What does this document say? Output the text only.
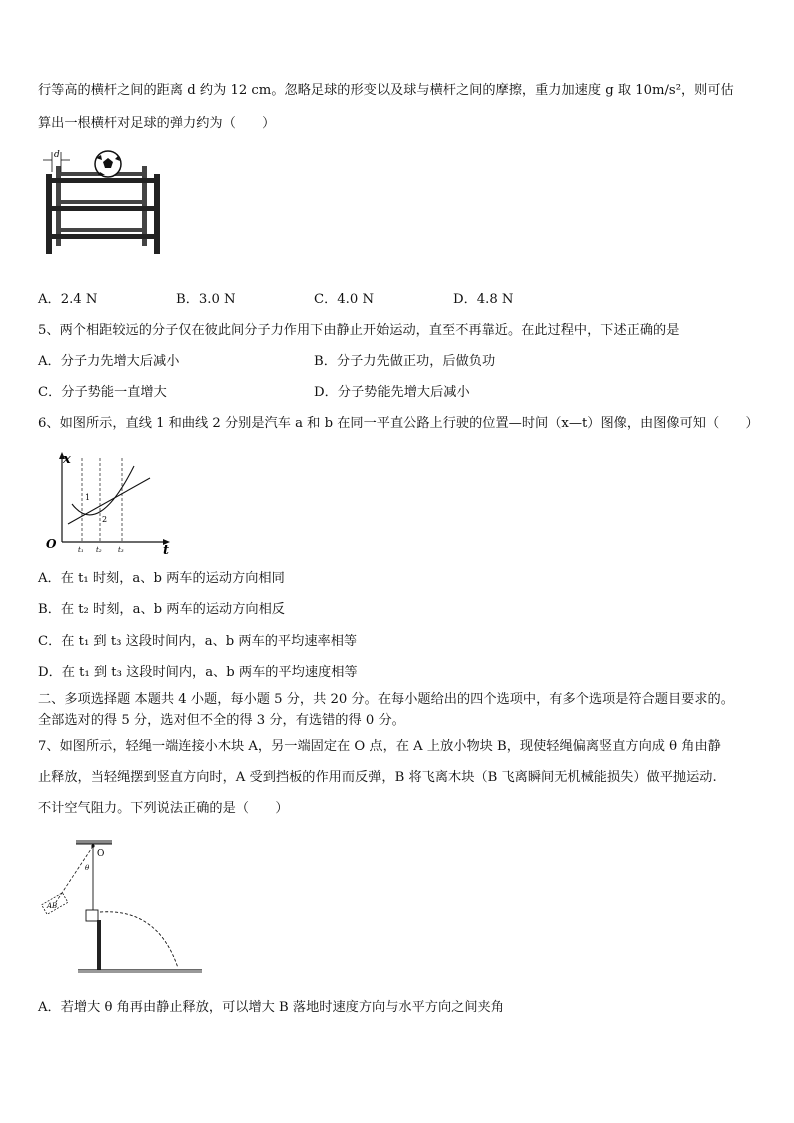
行等高的横杆之间的距离 d 约为 12 cm。忽略足球的形变以及球与横杆之间的摩擦，重力加速度 g 取 10m/s²，则可估
算出一根横杆对足球的弹力约为（　　）
d
A．2.4 N	B．3.0 N	C．4.0 N	D．4.8 N
5、两个相距较远的分子仅在彼此间分子力作用下由静止开始运动，直至不再靠近。在此过程中，下述正确的是
A．分子力先增大后减小	B．分子力先做正功，后做负功
C．分子势能一直增大	D．分子势能先增大后减小
6、如图所示，直线 1 和曲线 2 分别是汽车 a 和 b 在同一平直公路上行驶的位置—时间（x—t）图像，由图像可知（　　）
x
t
O
1
2
t₁ t₂ t₃
A．在 t₁ 时刻，a、b 两车的运动方向相同
B．在 t₂ 时刻，a、b 两车的运动方向相反
C．在 t₁ 到 t₃ 这段时间内，a、b 两车的平均速率相等
D．在 t₁ 到 t₃ 这段时间内，a、b 两车的平均速度相等
二、多项选择题 本题共 4 小题，每小题 5 分，共 20 分。在每小题给出的四个选项中，有多个选项是符合题目要求的。
全部选对的得 5 分，选对但不全的得 3 分，有选错的得 0 分。
7、如图所示，轻绳一端连接小木块 A，另一端固定在 O 点，在 A 上放小物块 B，现使轻绳偏离竖直方向成 θ 角由静
止释放，当轻绳摆到竖直方向时，A 受到挡板的作用而反弹，B 将飞离木块（B 飞离瞬间无机械能损失）做平抛运动.
不计空气阻力。下列说法正确的是（　　）
O
θ
AB
A．若增大 θ 角再由静止释放，可以增大 B 落地时速度方向与水平方向之间夹角
